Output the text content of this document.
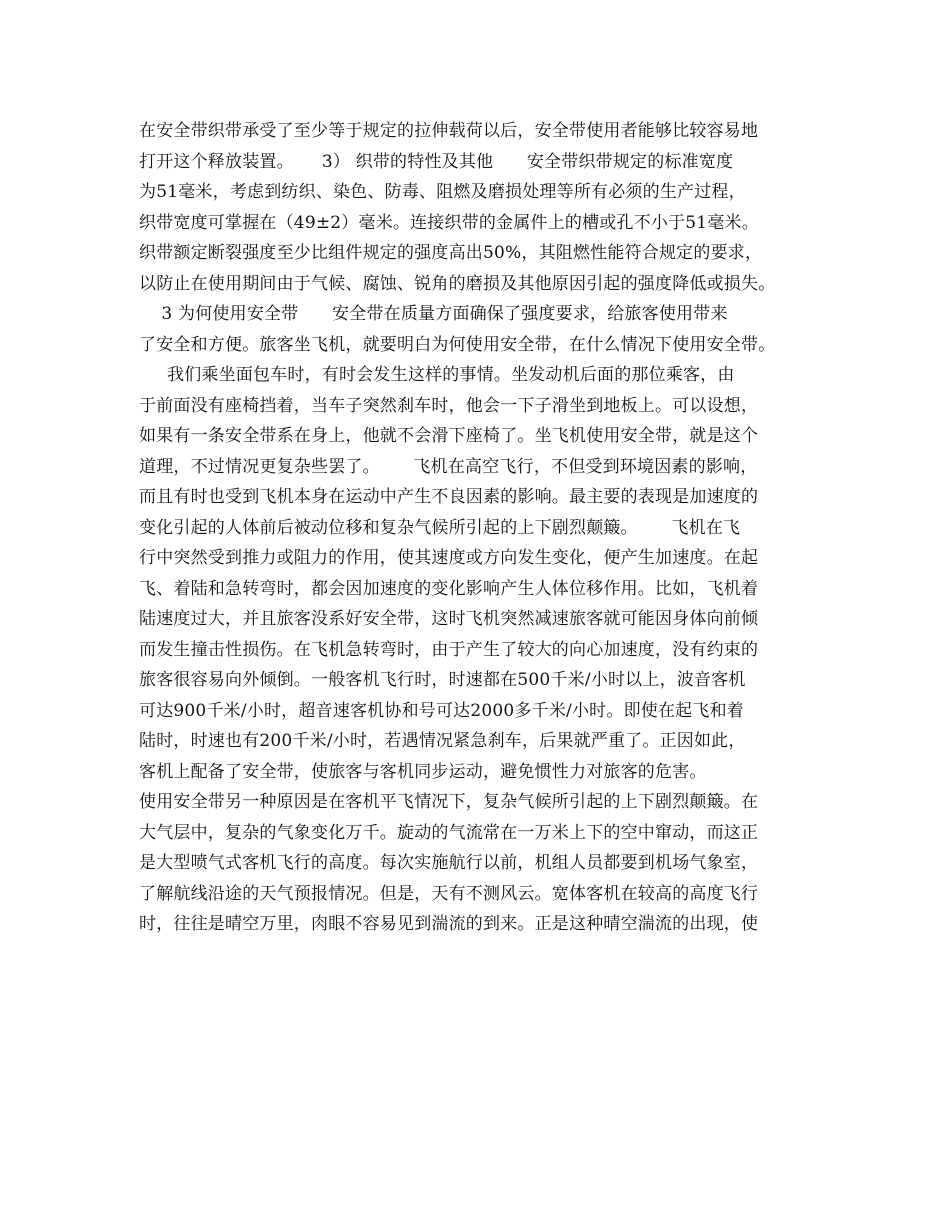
在安全带织带承受了至少等于规定的拉伸载荷以后，安全带使用者能够比较容易地
打开这个释放装置。     3） 织带的特性及其他      安全带织带规定的标准宽度
为51毫米，考虑到纺织、染色、防毒、阻燃及磨损处理等所有必须的生产过程，
织带宽度可掌握在（49±2）毫米。连接织带的金属件上的槽或孔不小于51毫米。
织带额定断裂强度至少比组件规定的强度高出50%，其阻燃性能符合规定的要求，
以防止在使用期间由于气候、腐蚀、锐角的磨损及其他原因引起的强度降低或损失。
3 为何使用安全带      安全带在质量方面确保了强度要求，给旅客使用带来
了安全和方便。旅客坐飞机，就要明白为何使用安全带，在什么情况下使用安全带。
我们乘坐面包车时，有时会发生这样的事情。坐发动机后面的那位乘客，由
于前面没有座椅挡着，当车子突然刹车时，他会一下子滑坐到地板上。可以设想，
如果有一条安全带系在身上，他就不会滑下座椅了。坐飞机使用安全带，就是这个
道理，不过情况更复杂些罢了。      飞机在高空飞行，不但受到环境因素的影响，
而且有时也受到飞机本身在运动中产生不良因素的影响。最主要的表现是加速度的
变化引起的人体前后被动位移和复杂气候所引起的上下剧烈颠簸。      飞机在飞
行中突然受到推力或阻力的作用，使其速度或方向发生变化，便产生加速度。在起
飞、着陆和急转弯时，都会因加速度的变化影响产生人体位移作用。比如，飞机着
陆速度过大，并且旅客没系好安全带，这时飞机突然减速旅客就可能因身体向前倾
而发生撞击性损伤。在飞机急转弯时，由于产生了较大的向心加速度，没有约束的
旅客很容易向外倾倒。一般客机飞行时，时速都在500千米/小时以上，波音客机
可达900千米/小时，超音速客机协和号可达2000多千米/小时。即使在起飞和着
陆时，时速也有200千米/小时，若遇情况紧急刹车，后果就严重了。正因如此，
客机上配备了安全带，使旅客与客机同步运动，避免惯性力对旅客的危害。
使用安全带另一种原因是在客机平飞情况下，复杂气候所引起的上下剧烈颠簸。在
大气层中，复杂的气象变化万千。旋动的气流常在一万米上下的空中窜动，而这正
是大型喷气式客机飞行的高度。每次实施航行以前，机组人员都要到机场气象室，
了解航线沿途的天气预报情况。但是，天有不测风云。宽体客机在较高的高度飞行
时，往往是晴空万里，肉眼不容易见到湍流的到来。正是这种晴空湍流的出现，使
